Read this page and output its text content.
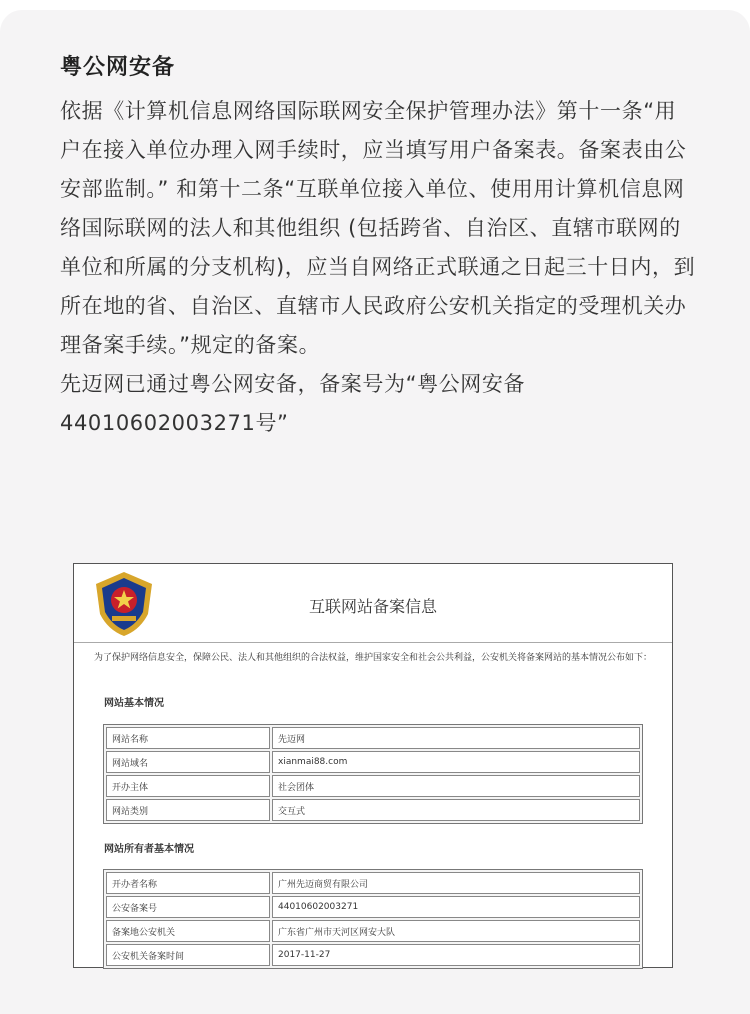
粤公网安备

依据《计算机信息网络国际联网安全保护管理办法》第十一条“用户在接入单位办理入网手续时，应当填写用户备案表。备案表由公安部监制。” 和第十二条“互联单位接入单位、使用用计算机信息网络国际联网的法人和其他组织 (包括跨省、自治区、直辖市联网的单位和所属的分支机构)，应当自网络正式联通之日起三十日内，到所在地的省、自治区、直辖市人民政府公安机关指定的受理机关办理备案手续。”规定的备案。

先迈网已通过粤公网安备，备案号为“粤公网安备44010602003271号”

互联网站备案信息
为了保护网络信息安全，保障公民、法人和其他组织的合法权益，维护国家安全和社会公共利益，公安机关将备案网站的基本情况公布如下：
网站基本情况
网站名称	先迈网
网站域名	xianmai88.com
开办主体	社会团体
网站类别	交互式
网站所有者基本情况
开办者名称	广州先迈商贸有限公司
公安备案号	44010602003271
备案地公安机关	广东省广州市天河区网安大队
公安机关备案时间	2017-11-27
